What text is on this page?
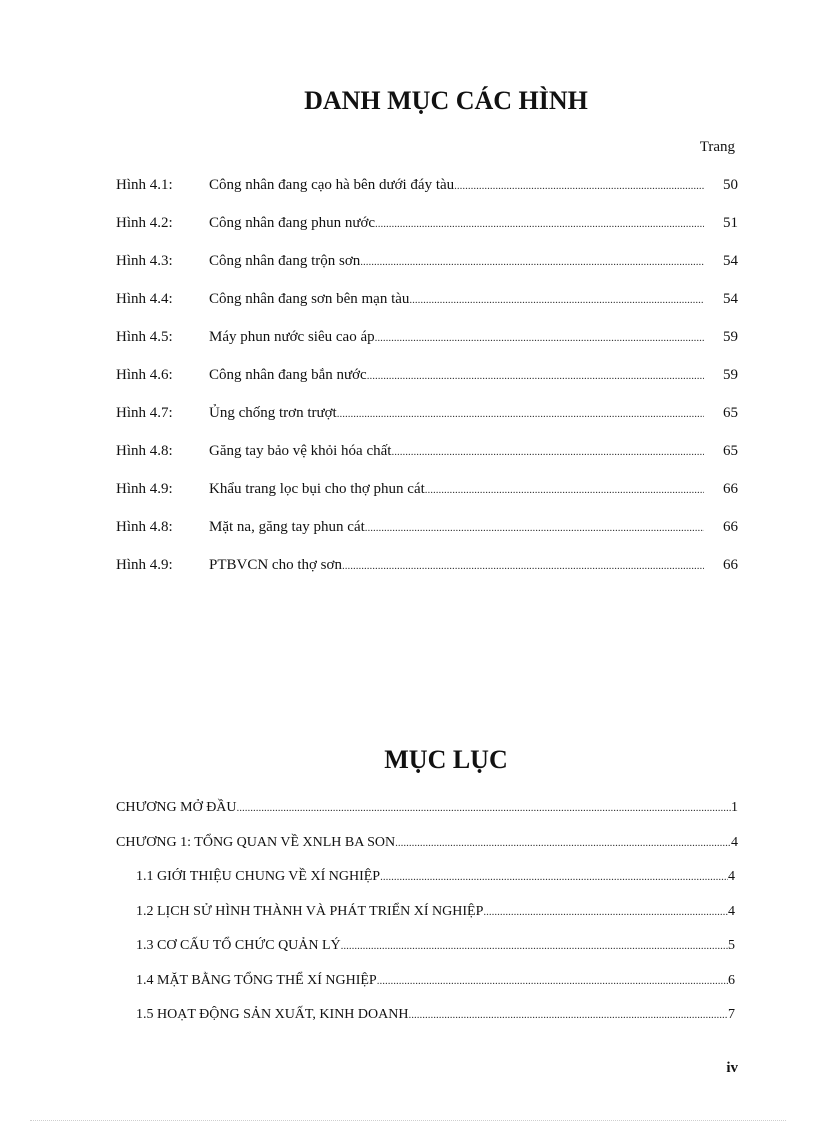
DANH MỤC CÁC HÌNH
Trang
Hình 4.1:	Công nhân đang cạo hà bên dưới đáy tàu .....	50
Hình 4.2:	Công nhân đang phun nước .....	51
Hình 4.3:	Công nhân đang trộn sơn .....	54
Hình 4.4:	Công nhân đang sơn bên mạn tàu .....	54
Hình 4.5:	Máy phun nước siêu cao áp .....	59
Hình 4.6:	Công nhân đang bắn nước .....	59
Hình 4.7:	Ủng chống trơn trượt .....	65
Hình 4.8:	Găng tay bảo vệ khỏi hóa chất .....	65
Hình 4.9:	Khẩu trang lọc bụi cho thợ phun cát .....	66
Hình 4.8:	Mặt na, găng tay phun cát .....	66
Hình 4.9:	PTBVCN cho thợ sơn .....	66
MỤC LỤC
CHƯƠNG MỞ ĐẦU .....	1
CHƯƠNG 1: TỔNG QUAN VỀ XNLH BA SON .....	4
1.1 GIỚI THIỆU CHUNG VỀ XÍ NGHIỆP .....	4
1.2 LỊCH SỬ HÌNH THÀNH VÀ PHÁT TRIỂN XÍ NGHIỆP .....	4
1.3 CƠ CẤU TỔ CHỨC QUẢN LÝ .....	5
1.4 MẶT BẰNG TỔNG THỂ XÍ NGHIỆP .....	6
1.5 HOẠT ĐỘNG SẢN XUẤT, KINH DOANH .....	7
iv
